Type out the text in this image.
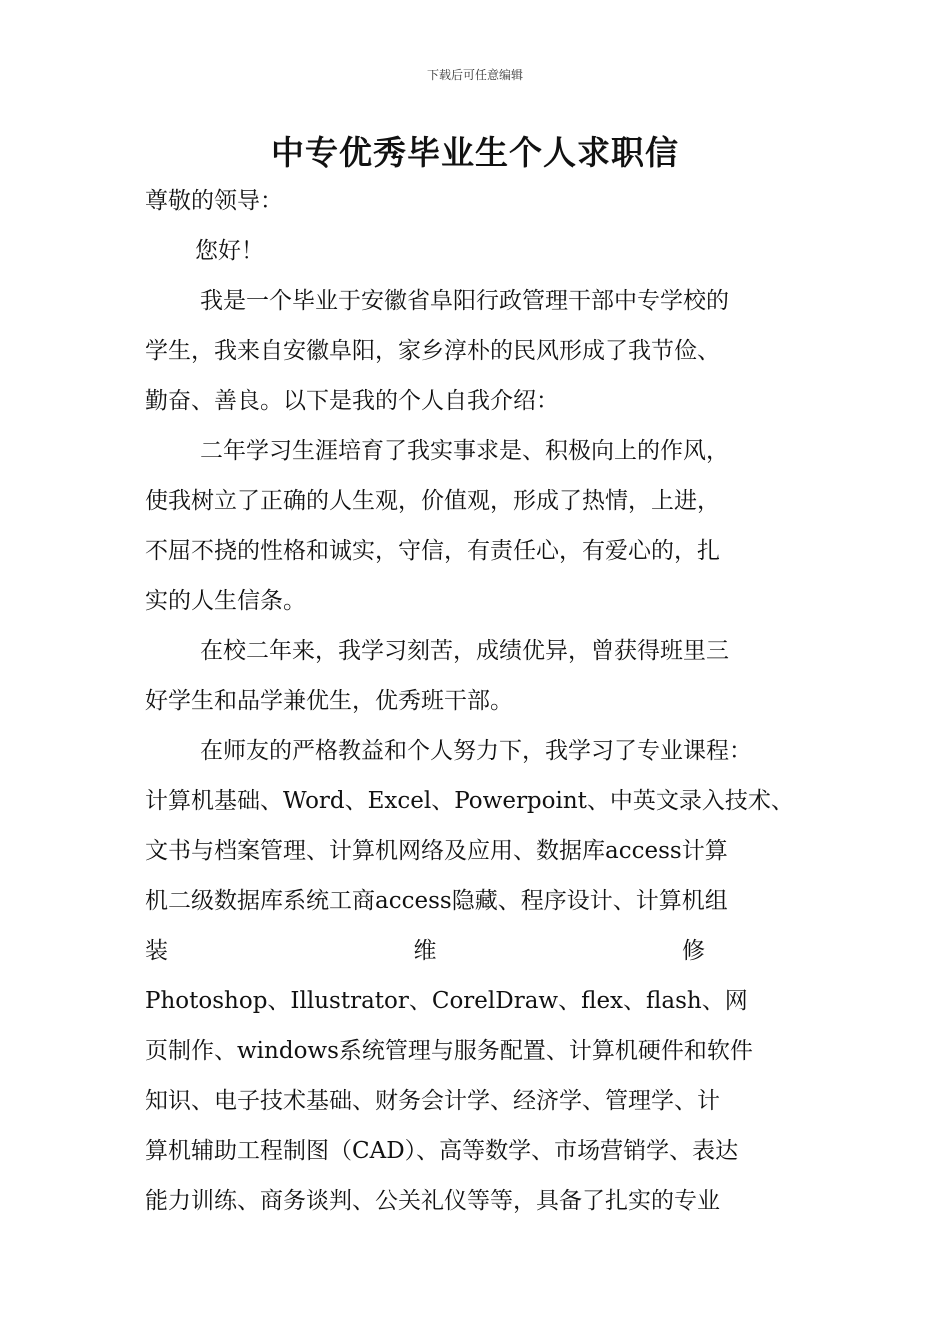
下载后可任意编辑
中专优秀毕业生个人求职信
尊敬的领导：
您好！
我是一个毕业于安徽省阜阳行政管理干部中专学校的
学生，我来自安徽阜阳，家乡淳朴的民风形成了我节俭、
勤奋、善良。以下是我的个人自我介绍：
二年学习生涯培育了我实事求是、积极向上的作风，
使我树立了正确的人生观，价值观，形成了热情，上进，
不屈不挠的性格和诚实，守信，有责任心，有爱心的，扎
实的人生信条。
在校二年来，我学习刻苦，成绩优异，曾获得班里三
好学生和品学兼优生，优秀班干部。
在师友的严格教益和个人努力下，我学习了专业课程：
计算机基础、Word、Excel、Powerpoint、中英文录入技术、
文书与档案管理、计算机网络及应用、数据库access计算
机二级数据库系统工商access隐藏、程序设计、计算机组
装	维	修
Photoshop、Illustrator、CorelDraw、flex、flash、网
页制作、windows系统管理与服务配置、计算机硬件和软件
知识、电子技术基础、财务会计学、经济学、管理学、计
算机辅助工程制图（CAD）、高等数学、市场营销学、表达
能力训练、商务谈判、公关礼仪等等，具备了扎实的专业
